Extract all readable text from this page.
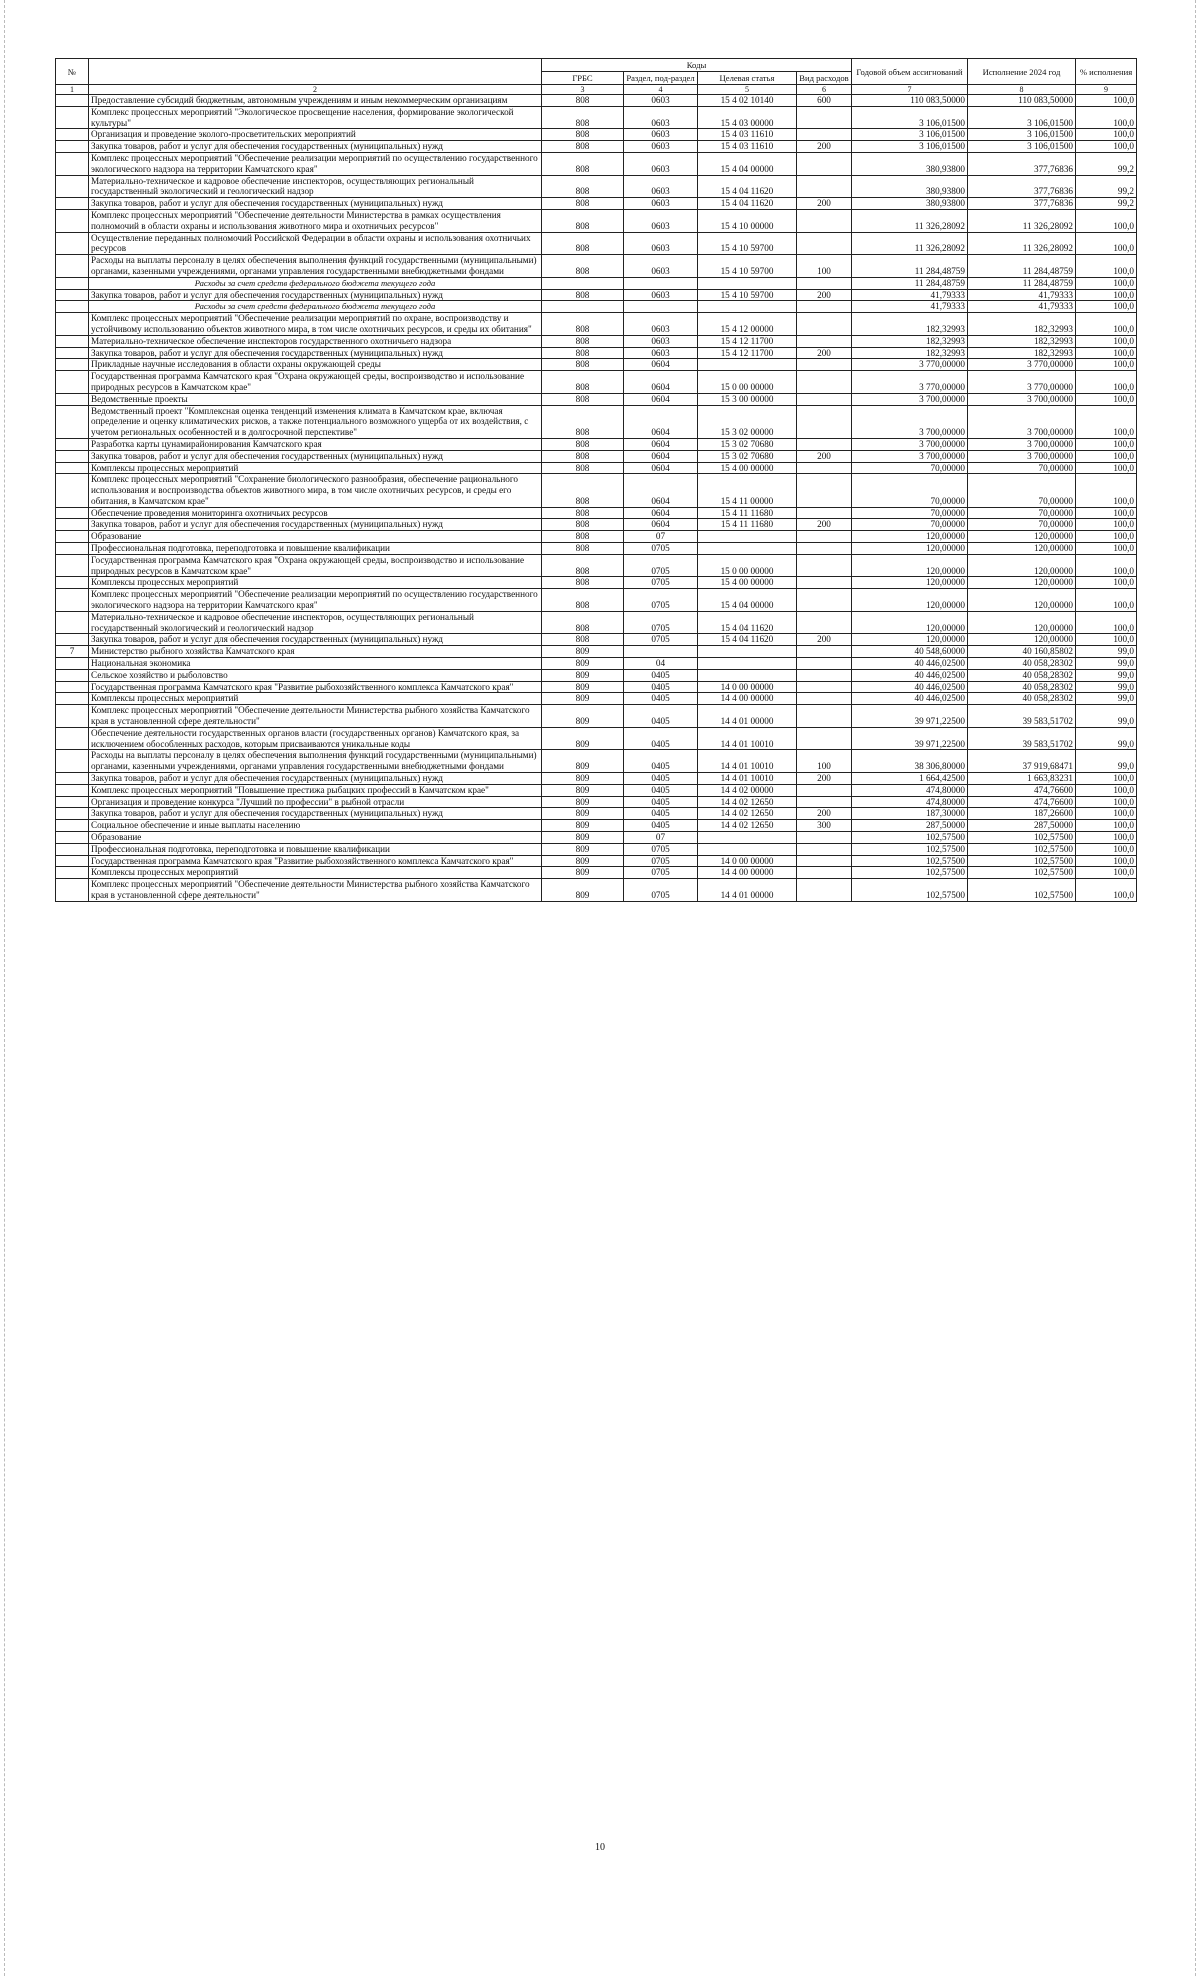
№		Коды				Годовой объем ассигнований	Исполнение 2024 год	% исполнения
		ГРБС	Раздел, под-раздел	Целевая статья	Вид расходов			
1	2	3	4	5	6	7	8	9
	Предоставление субсидий бюджетным, автономным учреждениям и иным некоммерческим организациям	808	0603	15 4 02 10140	600	110 083,50000	110 083,50000	100,0
	Комплекс процессных мероприятий "Экологическое просвещение населения, формирование экологической культуры"	808	0603	15 4 03 00000		3 106,01500	3 106,01500	100,0
	Организация и проведение эколого-просветительских мероприятий	808	0603	15 4 03 11610		3 106,01500	3 106,01500	100,0
	Закупка товаров, работ и услуг для обеспечения государственных (муниципальных) нужд	808	0603	15 4 03 11610	200	3 106,01500	3 106,01500	100,0
	Комплекс процессных мероприятий "Обеспечение реализации мероприятий по осуществлению государственного экологического надзора на территории Камчатского края"	808	0603	15 4 04 00000		380,93800	377,76836	99,2
	Материально-техническое и кадровое обеспечение инспекторов, осуществляющих региональный государственный экологический и геологический надзор	808	0603	15 4 04 11620		380,93800	377,76836	99,2
	Закупка товаров, работ и услуг для обеспечения государственных (муниципальных) нужд	808	0603	15 4 04 11620	200	380,93800	377,76836	99,2
	Комплекс процессных мероприятий "Обеспечение деятельности Министерства в рамках осуществления полномочий в области охраны и использования животного мира и охотничьих ресурсов"	808	0603	15 4 10 00000		11 326,28092	11 326,28092	100,0
	Осуществление переданных полномочий Российской Федерации в области охраны и использования охотничьих ресурсов	808	0603	15 4 10 59700		11 326,28092	11 326,28092	100,0
	Расходы на выплаты персоналу в целях обеспечения выполнения функций государственными (муниципальными) органами, казенными учреждениями, органами управления государственными внебюджетными фондами	808	0603	15 4 10 59700	100	11 284,48759	11 284,48759	100,0
	Расходы за счет средств федерального бюджета текущего года					11 284,48759	11 284,48759	100,0
	Закупка товаров, работ и услуг для обеспечения государственных (муниципальных) нужд	808	0603	15 4 10 59700	200	41,79333	41,79333	100,0
	Расходы за счет средств федерального бюджета текущего года					41,79333	41,79333	100,0
	Комплекс процессных мероприятий "Обеспечение реализации мероприятий по охране, воспроизводству и устойчивому использованию объектов животного мира, в том числе охотничьих ресурсов, и среды их обитания"	808	0603	15 4 12 00000		182,32993	182,32993	100,0
	Материально-техническое обеспечение инспекторов государственного охотничьего надзора	808	0603	15 4 12 11700		182,32993	182,32993	100,0
	Закупка товаров, работ и услуг для обеспечения государственных (муниципальных) нужд	808	0603	15 4 12 11700	200	182,32993	182,32993	100,0
	Прикладные научные исследования в области охраны окружающей среды	808	0604			3 770,00000	3 770,00000	100,0
	Государственная программа Камчатского края "Охрана окружающей среды, воспроизводство и использование природных ресурсов в Камчатском крае"	808	0604	15 0 00 00000		3 770,00000	3 770,00000	100,0
	Ведомственные проекты	808	0604	15 3 00 00000		3 700,00000	3 700,00000	100,0
	Ведомственный проект "Комплексная оценка тенденций изменения климата в Камчатском крае, включая определение и оценку климатических рисков, а также потенциального возможного ущерба от их воздействия, с учетом региональных особенностей и в долгосрочной перспективе"	808	0604	15 3 02 00000		3 700,00000	3 700,00000	100,0
	Разработка карты цунамирайонирования Камчатского края	808	0604	15 3 02 70680		3 700,00000	3 700,00000	100,0
	Закупка товаров, работ и услуг для обеспечения государственных (муниципальных) нужд	808	0604	15 3 02 70680	200	3 700,00000	3 700,00000	100,0
	Комплексы процессных мероприятий	808	0604	15 4 00 00000		70,00000	70,00000	100,0
	Комплекс процессных мероприятий "Сохранение биологического разнообразия, обеспечение рационального использования и воспроизводства объектов животного мира, в том числе охотничьих ресурсов, и среды его обитания, в Камчатском крае"	808	0604	15 4 11 00000		70,00000	70,00000	100,0
	Обеспечение проведения мониторинга охотничьих ресурсов	808	0604	15 4 11 11680		70,00000	70,00000	100,0
	Закупка товаров, работ и услуг для обеспечения государственных (муниципальных) нужд	808	0604	15 4 11 11680	200	70,00000	70,00000	100,0
	Образование	808	07			120,00000	120,00000	100,0
	Профессиональная подготовка, переподготовка и повышение квалификации	808	0705			120,00000	120,00000	100,0
	Государственная программа Камчатского края "Охрана окружающей среды, воспроизводство и использование природных ресурсов в Камчатском крае"	808	0705	15 0 00 00000		120,00000	120,00000	100,0
	Комплексы процессных мероприятий	808	0705	15 4 00 00000		120,00000	120,00000	100,0
	Комплекс процессных мероприятий "Обеспечение реализации мероприятий по осуществлению государственного экологического надзора на территории Камчатского края"	808	0705	15 4 04 00000		120,00000	120,00000	100,0
	Материально-техническое и кадровое обеспечение инспекторов, осуществляющих региональный государственный экологический и геологический надзор	808	0705	15 4 04 11620		120,00000	120,00000	100,0
	Закупка товаров, работ и услуг для обеспечения государственных (муниципальных) нужд	808	0705	15 4 04 11620	200	120,00000	120,00000	100,0
7	Министерство рыбного хозяйства Камчатского края	809				40 548,60000	40 160,85802	99,0
	Национальная экономика	809	04			40 446,02500	40 058,28302	99,0
	Сельское хозяйство и рыболовство	809	0405			40 446,02500	40 058,28302	99,0
	Государственная программа Камчатского края "Развитие рыбохозяйственного комплекса Камчатского края"	809	0405	14 0 00 00000		40 446,02500	40 058,28302	99,0
	Комплексы процессных мероприятий	809	0405	14 4 00 00000		40 446,02500	40 058,28302	99,0
	Комплекс процессных мероприятий "Обеспечение деятельности Министерства рыбного хозяйства Камчатского края в установленной сфере деятельности"	809	0405	14 4 01 00000		39 971,22500	39 583,51702	99,0
	Обеспечение деятельности государственных органов власти (государственных органов) Камчатского края, за исключением обособленных расходов, которым присваиваются уникальные коды	809	0405	14 4 01 10010		39 971,22500	39 583,51702	99,0
	Расходы на выплаты персоналу в целях обеспечения выполнения функций государственными (муниципальными) органами, казенными учреждениями, органами управления государственными внебюджетными фондами	809	0405	14 4 01 10010	100	38 306,80000	37 919,68471	99,0
	Закупка товаров, работ и услуг для обеспечения государственных (муниципальных) нужд	809	0405	14 4 01 10010	200	1 664,42500	1 663,83231	100,0
	Комплекс процессных мероприятий "Повышение престижа рыбацких профессий в Камчатском крае"	809	0405	14 4 02 00000		474,80000	474,76600	100,0
	Организация и проведение конкурса "Лучший по профессии" в рыбной отрасли	809	0405	14 4 02 12650		474,80000	474,76600	100,0
	Закупка товаров, работ и услуг для обеспечения государственных (муниципальных) нужд	809	0405	14 4 02 12650	200	187,30000	187,26600	100,0
	Социальное обеспечение и иные выплаты населению	809	0405	14 4 02 12650	300	287,50000	287,50000	100,0
	Образование	809	07			102,57500	102,57500	100,0
	Профессиональная подготовка, переподготовка и повышение квалификации	809	0705			102,57500	102,57500	100,0
	Государственная программа Камчатского края "Развитие рыбохозяйственного комплекса Камчатского края"	809	0705	14 0 00 00000		102,57500	102,57500	100,0
	Комплексы процессных мероприятий	809	0705	14 4 00 00000		102,57500	102,57500	100,0
	Комплекс процессных мероприятий "Обеспечение деятельности Министерства рыбного хозяйства Камчатского края в установленной сфере деятельности"	809	0705	14 4 01 00000		102,57500	102,57500	100,0
10
